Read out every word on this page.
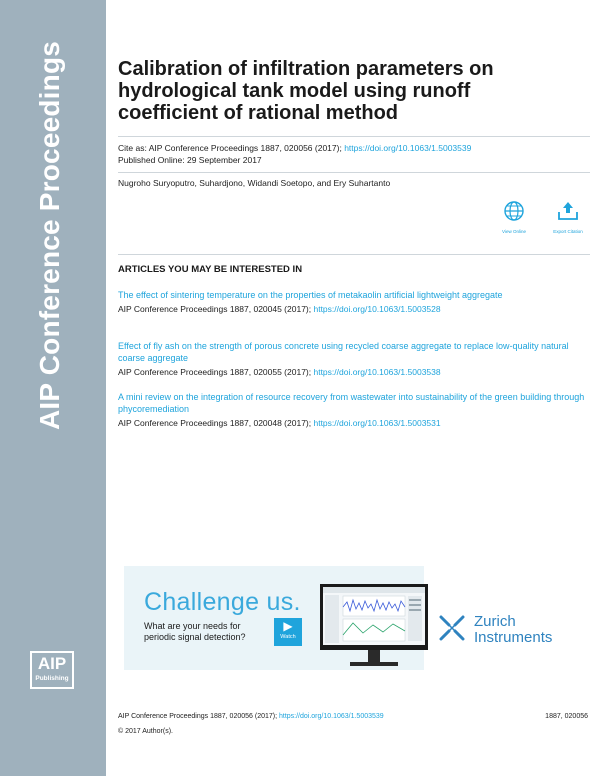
AIP Conference Proceedings
AIP
Publishing
Calibration of infiltration parameters on hydrological tank model using runoff coefficient of rational method
Cite as: AIP Conference Proceedings 1887, 020056 (2017); https://doi.org/10.1063/1.5003539
Published Online: 29 September 2017
Nugroho Suryoputro, Suhardjono, Widandi Soetopo, and Ery Suhartanto
View Online	Export Citation
ARTICLES YOU MAY BE INTERESTED IN
The effect of sintering temperature on the properties of metakaolin artificial lightweight aggregate
AIP Conference Proceedings 1887, 020045 (2017); https://doi.org/10.1063/1.5003528
Effect of fly ash on the strength of porous concrete using recycled coarse aggregate to replace low-quality natural coarse aggregate
AIP Conference Proceedings 1887, 020055 (2017); https://doi.org/10.1063/1.5003538
A mini review on the integration of resource recovery from wastewater into sustainability of the green building through phycoremediation
AIP Conference Proceedings 1887, 020048 (2017); https://doi.org/10.1063/1.5003531
Challenge us.
What are your needs for
periodic signal detection?
▶
Watch
Zurich
Instruments
AIP Conference Proceedings 1887, 020056 (2017); https://doi.org/10.1063/1.5003539	1887, 020056
© 2017 Author(s).
